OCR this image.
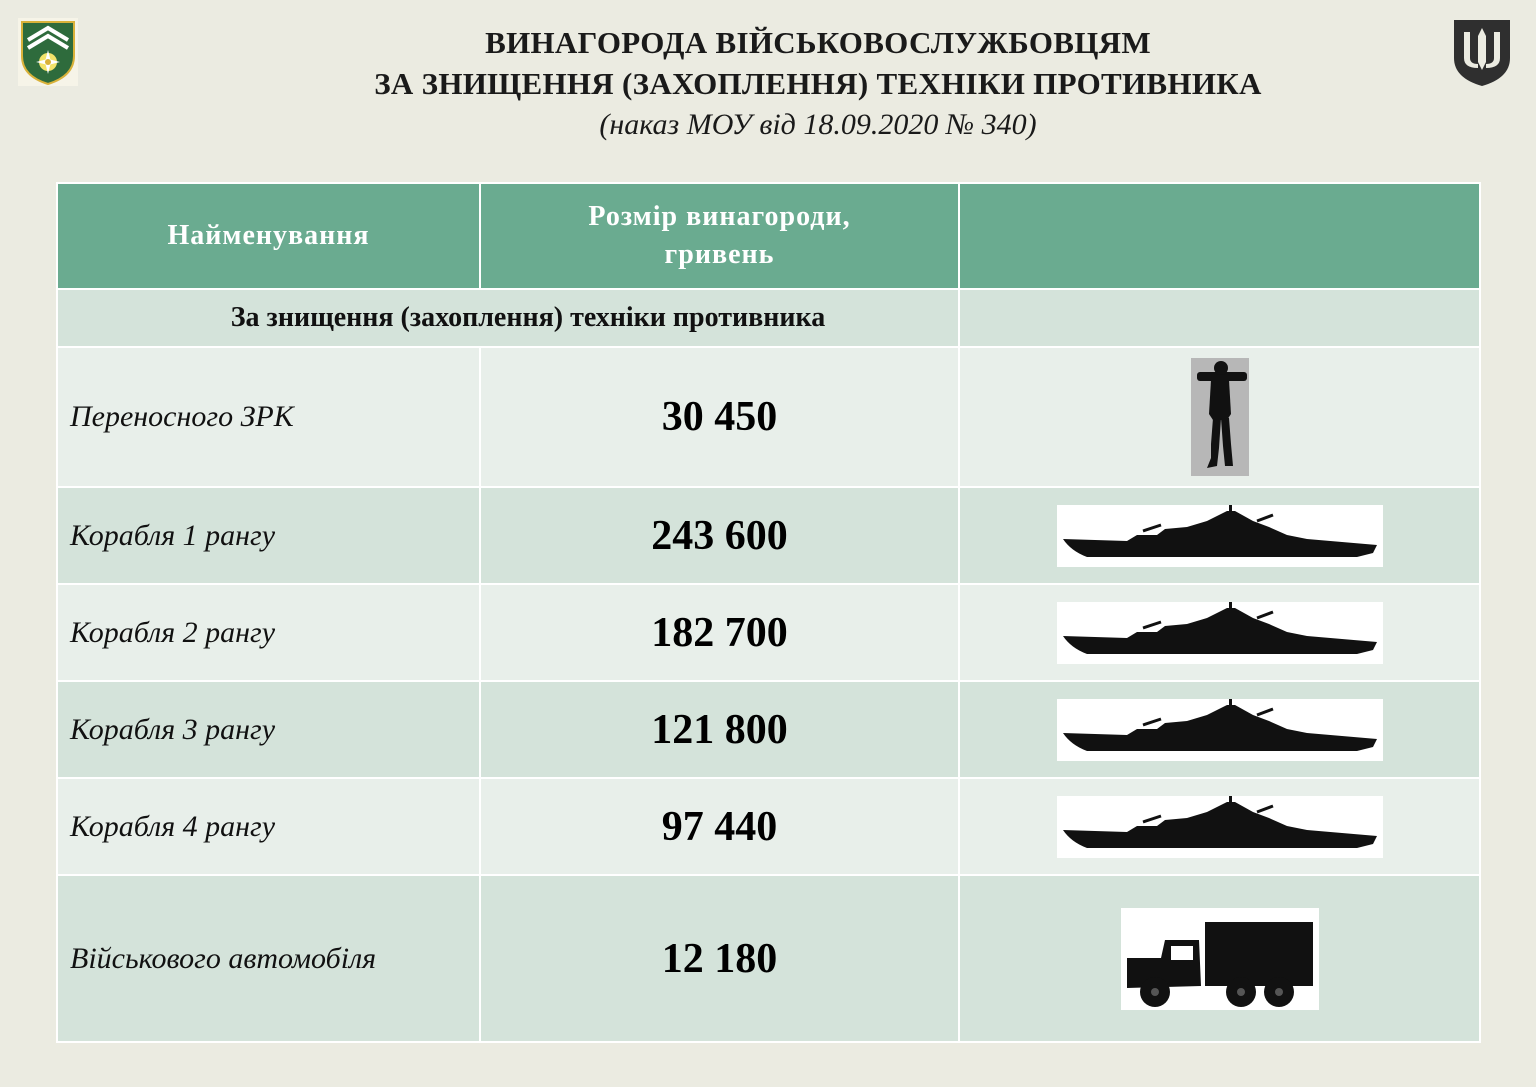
ВИНАГОРОДА ВІЙСЬКОВОСЛУЖБОВЦЯМ
ЗА ЗНИЩЕННЯ (ЗАХОПЛЕННЯ) ТЕХНІКИ ПРОТИВНИКА
(наказ МОУ від 18.09.2020 № 340)
Найменування	Розмір винагороди,
гривень	

За знищення (захоплення) техніки противника		
Переносного ЗРК	30 450	
Корабля 1 рангу	243 600	
Корабля 2 рангу	182 700	
Корабля 3 рангу	121 800	
Корабля 4 рангу	97 440	
Військового автомобіля	12 180	
